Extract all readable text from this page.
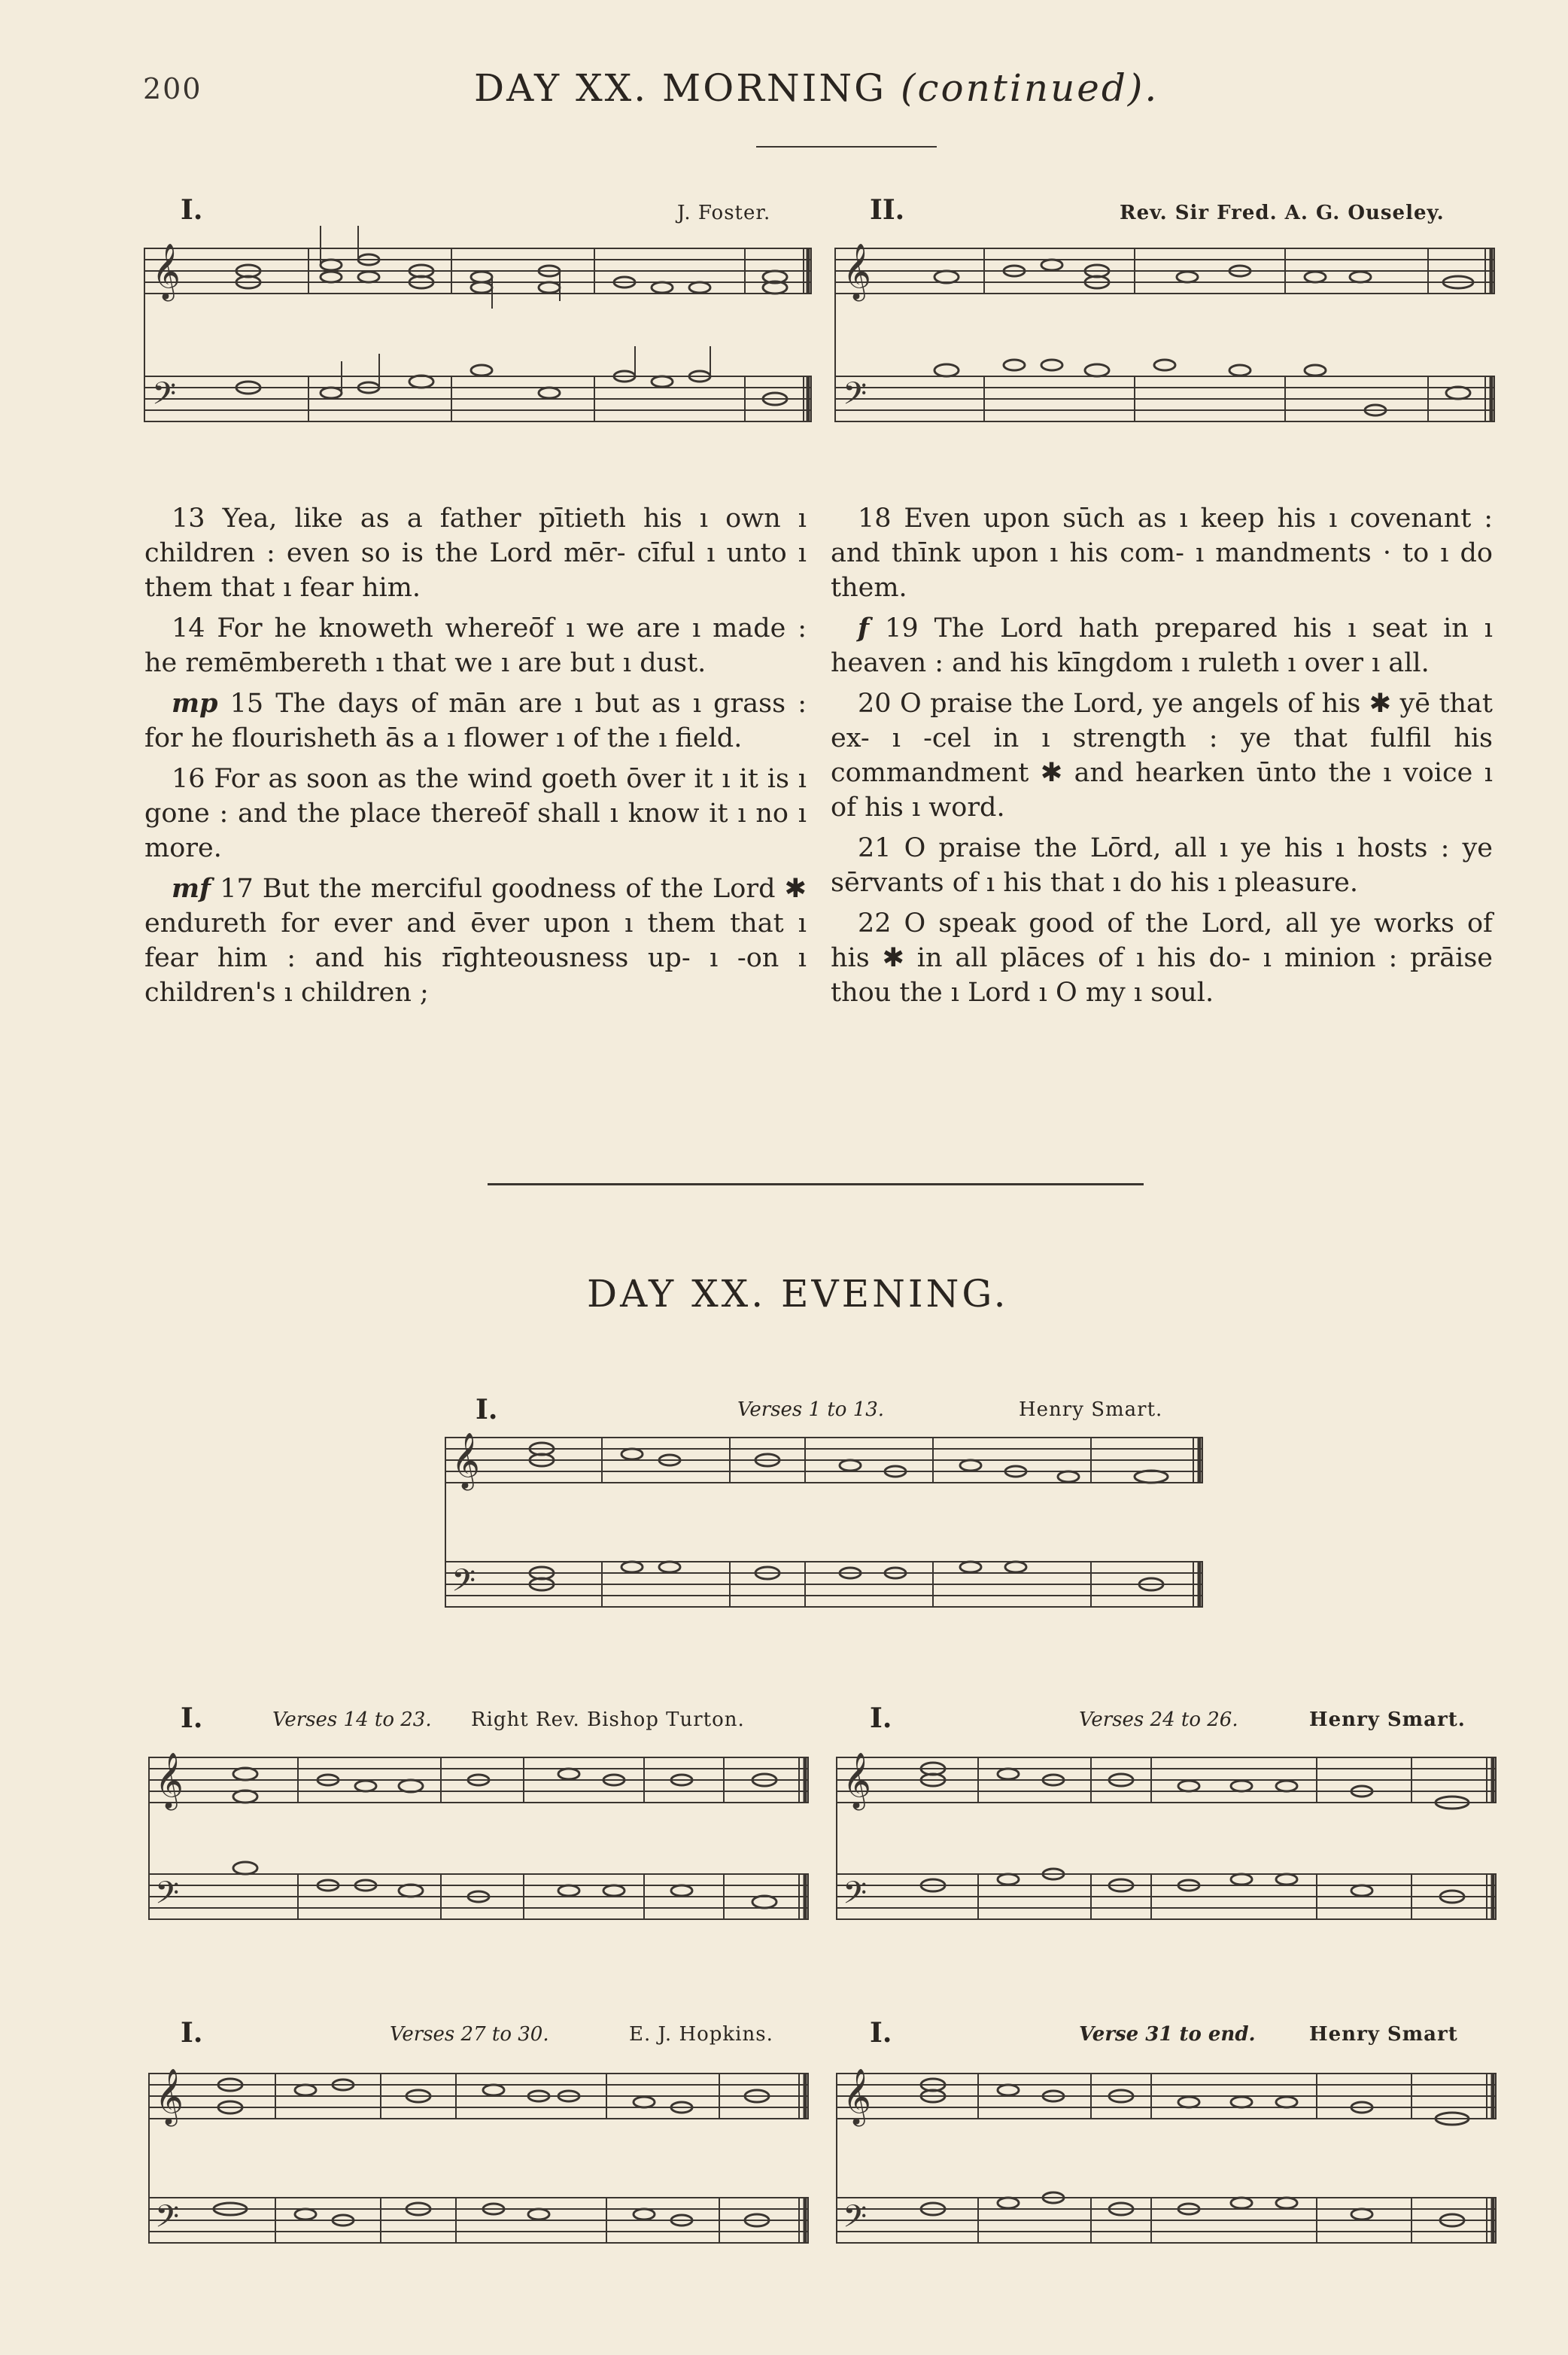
200	DAY XX. MORNING (continued).
I.	J. Foster.
𝄞
𝄢
II.	Rev. Sir Fred. A. G. Ouseley.
𝄞
𝄢

13 Yea, like as a father pītieth his ı own ı children : even so is the Lord mēr- cīful ı unto ı them that ı fear him.

14 For he knoweth whereōf ı we are ı made : he remēmbereth ı that we ı are but ı dust.

mp 15 The days of mān are ı but as ı grass : for he flourisheth ās a ı flower ı of the ı field.

16 For as soon as the wind goeth ōver it ı it is ı gone : and the place thereōf shall ı know it ı no ı more.

mf 17 But the merciful goodness of the Lord ✱ endureth for ever and ēver upon ı them that ı fear him : and his rīghteousness up- ı -on ı children's ı children ;

18 Even upon sūch as ı keep his ı covenant : and thīnk upon ı his com- ı mandments · to ı do them.

f 19 The Lord hath prepared his ı seat in ı heaven : and his kīngdom ı ruleth ı over ı all.

20 O praise the Lord, ye angels of his ✱ yē that ex- ı -cel in ı strength : ye that fulfil his commandment ✱ and hearken ūnto the ı voice ı of his ı word.

21 O praise the Lōrd, all ı ye his ı hosts : ye sērvants of ı his that ı do his ı pleasure.

22 O speak good of the Lord, all ye works of his ✱ in all plāces of ı his do- ı minion : prāise thou the ı Lord ı O my ı soul.

DAY XX. EVENING.
I.	Verses 1 to 13.	Henry Smart.
𝄞
𝄢
I.	Verses 14 to 23. Right Rev. Bishop Turton.
𝄞
𝄢
I.	Verses 24 to 26.	Henry Smart.
𝄞
𝄢
I.	Verses 27 to 30.	E. J. Hopkins.
𝄞
𝄢
I.	Verse 31 to end.	Henry Smart
𝄞
𝄢
